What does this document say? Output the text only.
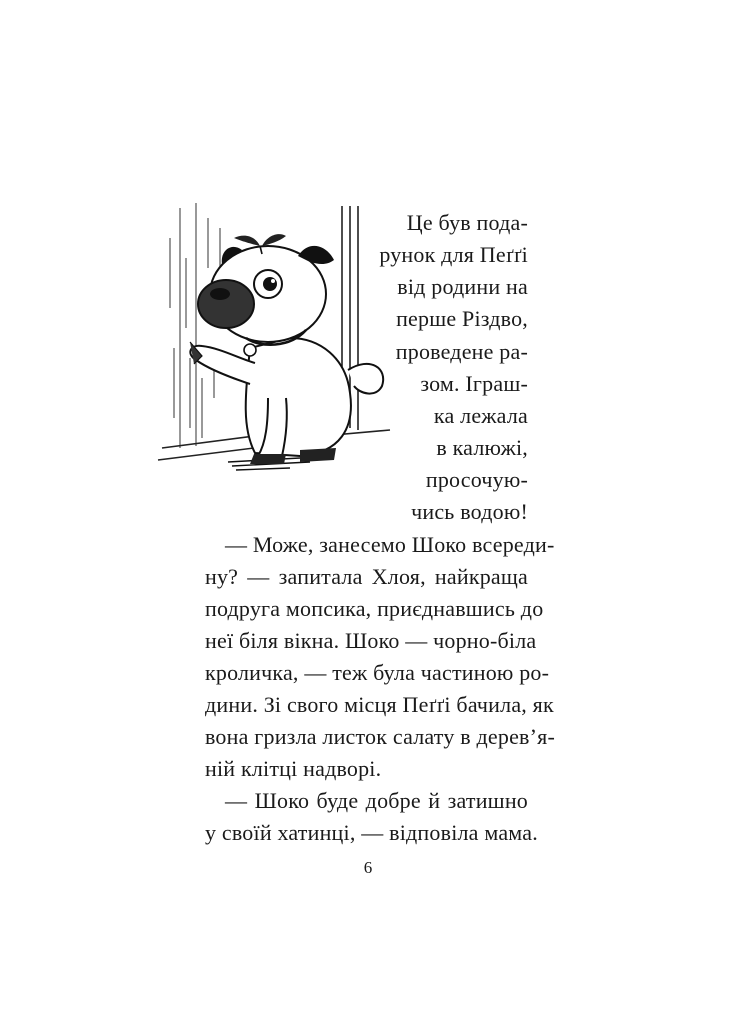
Це був пода-
рунок для Пеґґі
від родини на
перше Різдво,
проведене ра-
зом. Іграш-
ка лежала
в калюжі,
просочую-
чись водою!
— Може, занесемо Шоко всереди-
ну? — запитала Хлоя, найкраща
подруга мопсика, приєднавшись до
неї біля вікна. Шоко — чорно-біла
кроличка, — теж була частиною ро-
дини. Зі свого місця Пеґґі бачила, як
вона гризла листок салату в дерев’я-
ній клітці надворі.
— Шоко буде добре й затишно
у своїй хатинці, — відповіла мама.
6
